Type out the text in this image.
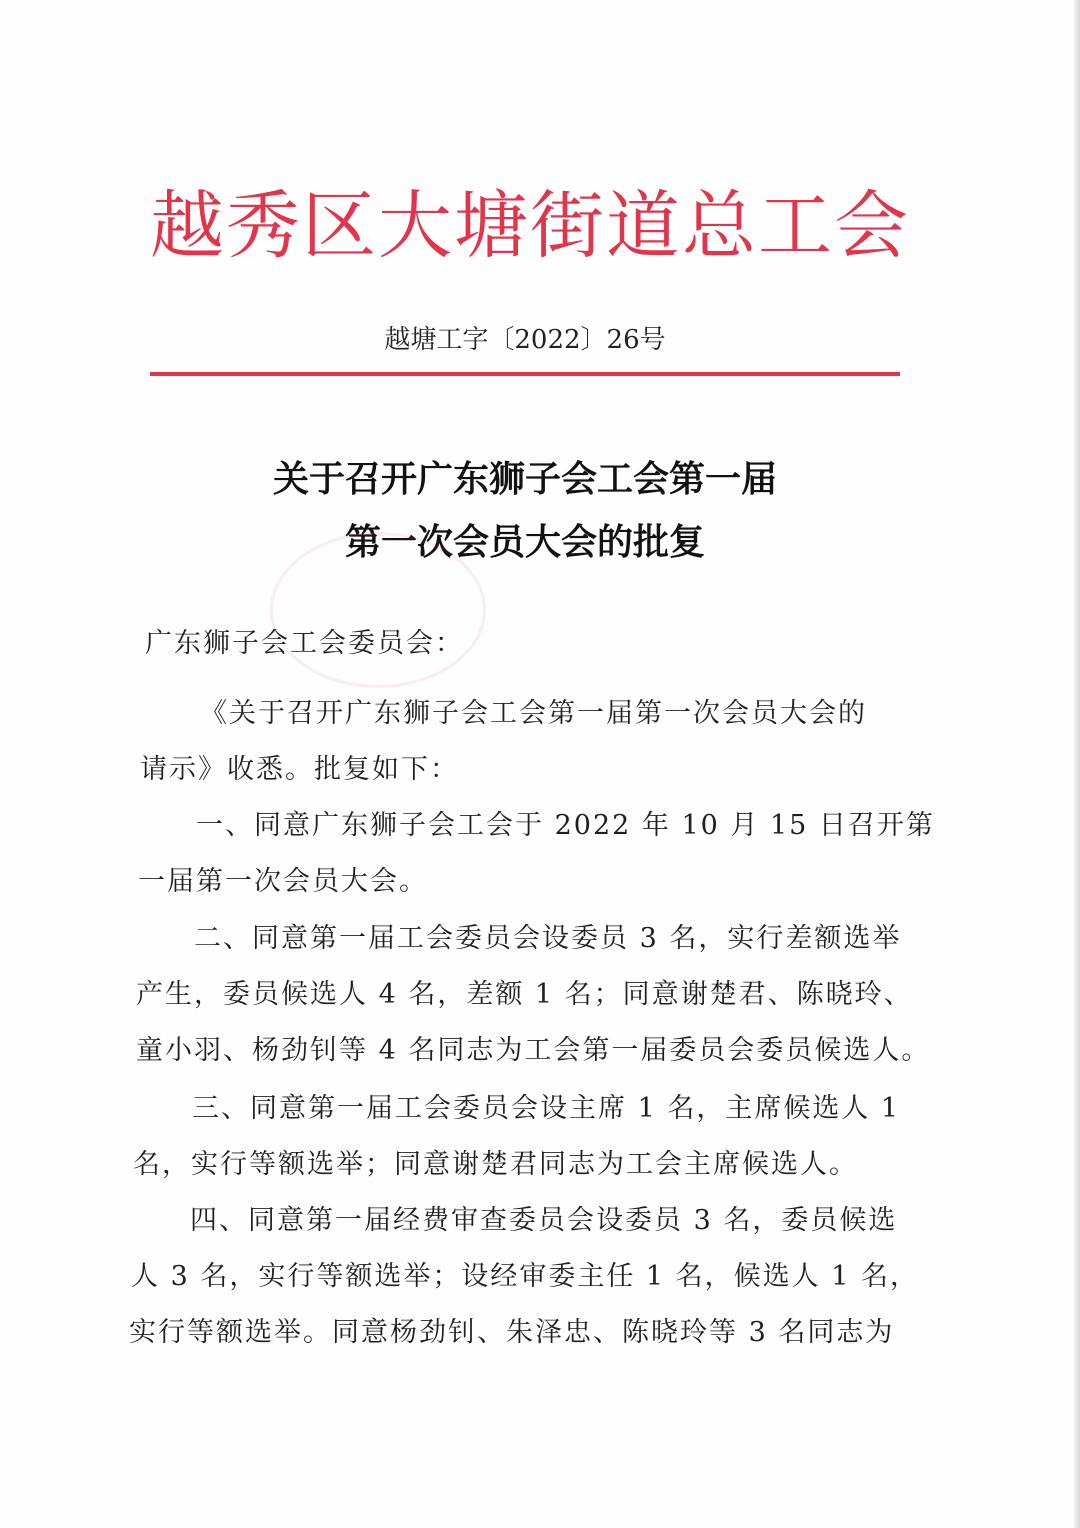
越秀区大塘街道总工会
越塘工字〔2022〕26号
关于召开广东狮子会工会第一届
第一次会员大会的批复
广东狮子会工会委员会：
《关于召开广东狮子会工会第一届第一次会员大会的
请示》收悉。批复如下：
一、同意广东狮子会工会于 2022 年 10 月 15 日召开第
一届第一次会员大会。
二、同意第一届工会委员会设委员 3 名，实行差额选举
产生，委员候选人 4 名，差额 1 名；同意谢楚君、陈晓玲、
童小羽、杨劲钊等 4 名同志为工会第一届委员会委员候选人。
三、同意第一届工会委员会设主席 1 名，主席候选人 1
名，实行等额选举；同意谢楚君同志为工会主席候选人。
四、同意第一届经费审查委员会设委员 3 名，委员候选
人 3 名，实行等额选举；设经审委主任 1 名，候选人 1 名，
实行等额选举。同意杨劲钊、朱泽忠、陈晓玲等 3 名同志为
